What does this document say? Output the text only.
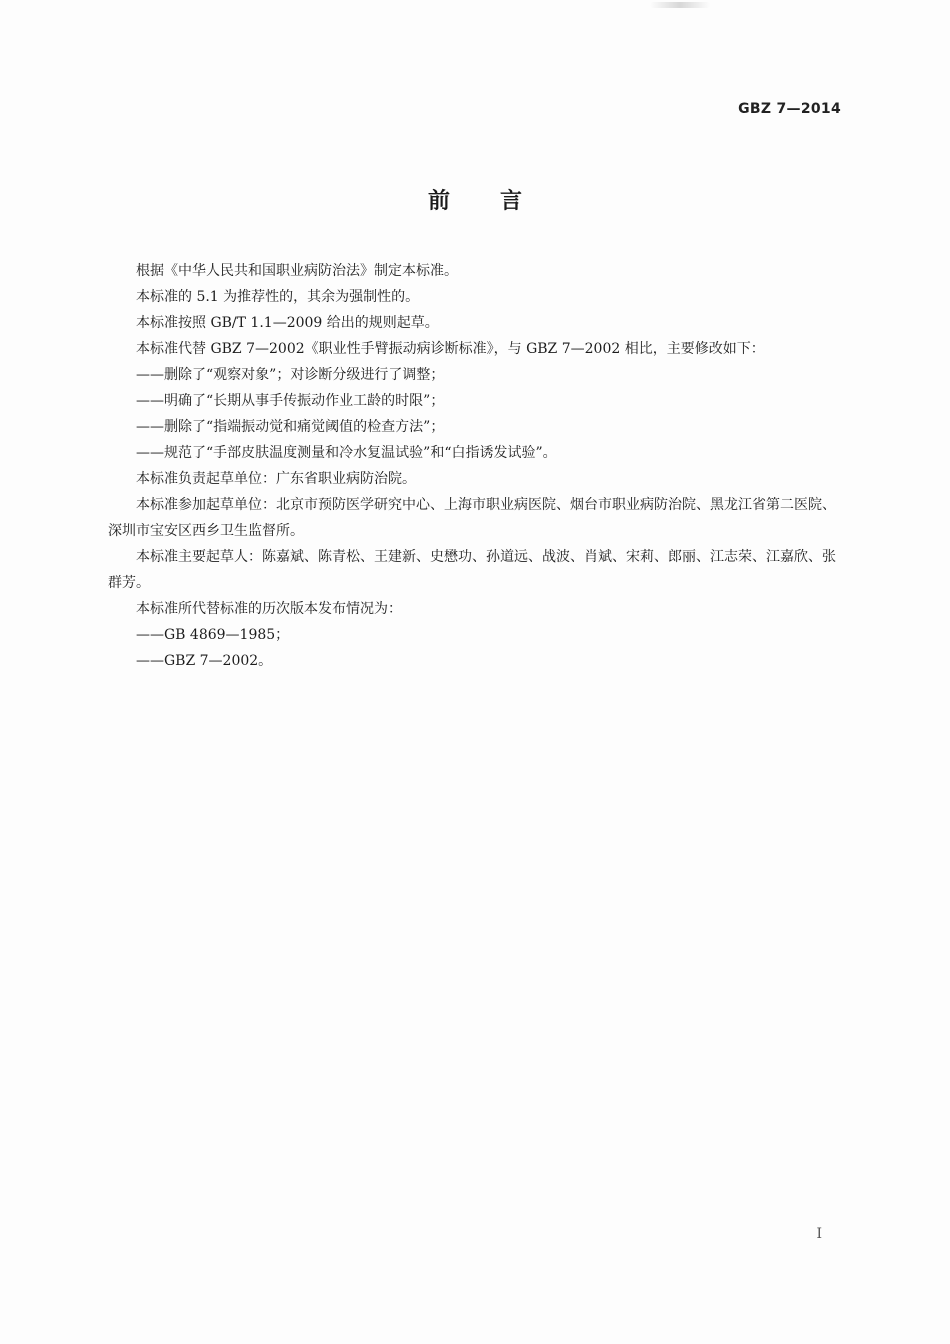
GBZ 7—2014
前言

根据《中华人民共和国职业病防治法》制定本标准。

本标准的 5.1 为推荐性的，其余为强制性的。

本标准按照 GB/T 1.1—2009 给出的规则起草。

本标准代替 GBZ 7—2002《职业性手臂振动病诊断标准》，与 GBZ 7—2002 相比，主要修改如下：

——删除了“观察对象”；对诊断分级进行了调整；

——明确了“长期从事手传振动作业工龄的时限”；

——删除了“指端振动觉和痛觉阈值的检查方法”；

——规范了“手部皮肤温度测量和冷水复温试验”和“白指诱发试验”。

本标准负责起草单位：广东省职业病防治院。

本标准参加起草单位：北京市预防医学研究中心、上海市职业病医院、烟台市职业病防治院、黑龙江省第二医院、深圳市宝安区西乡卫生监督所。

本标准主要起草人：陈嘉斌、陈青松、王建新、史懋功、孙道远、战波、肖斌、宋莉、郎丽、江志荣、江嘉欣、张群芳。

本标准所代替标准的历次版本发布情况为：

——GB 4869—1985；

——GBZ 7—2002。

I
